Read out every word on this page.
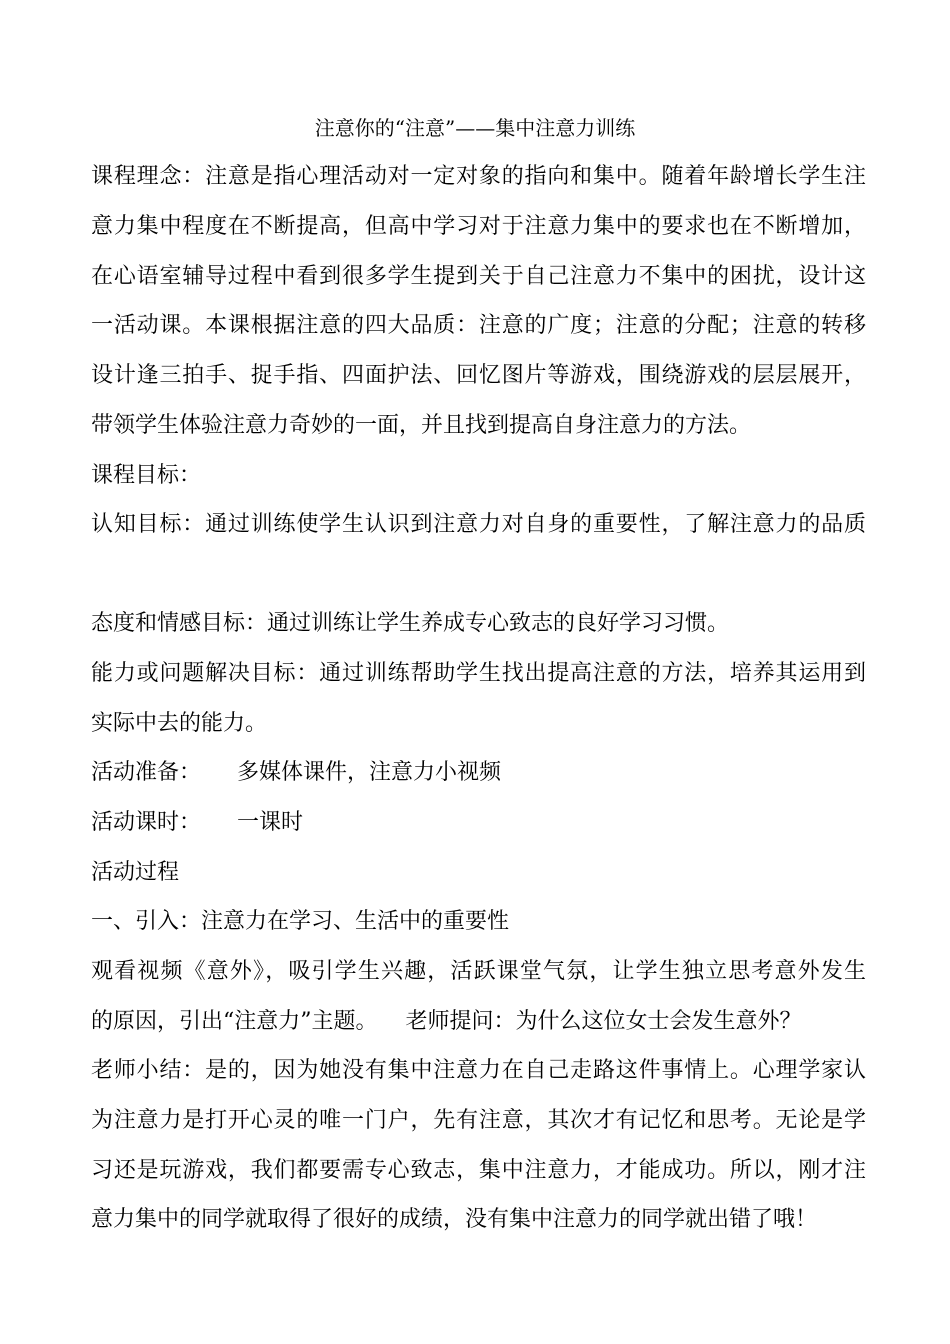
注意你的“注意”——集中注意力训练
课程理念：注意是指心理活动对一定对象的指向和集中。随着年龄增长学生注
意力集中程度在不断提高，但高中学习对于注意力集中的要求也在不断增加，
在心语室辅导过程中看到很多学生提到关于自己注意力不集中的困扰，设计这
一活动课。本课根据注意的四大品质：注意的广度；注意的分配；注意的转移
设计逢三拍手、捉手指、四面护法、回忆图片等游戏，围绕游戏的层层展开，
带领学生体验注意力奇妙的一面，并且找到提高自身注意力的方法。
课程目标：
认知目标：通过训练使学生认识到注意力对自身的重要性，了解注意力的品质
态度和情感目标：通过训练让学生养成专心致志的良好学习习惯。
能力或问题解决目标：通过训练帮助学生找出提高注意的方法，培养其运用到
实际中去的能力。
活动准备： 多媒体课件，注意力小视频
活动课时： 一课时
活动过程
一、引入：注意力在学习、生活中的重要性
观看视频《意外》，吸引学生兴趣，活跃课堂气氛，让学生独立思考意外发生
的原因，引出“注意力”主题。 老师提问：为什么这位女士会发生意外？
老师小结：是的，因为她没有集中注意力在自己走路这件事情上。心理学家认
为注意力是打开心灵的唯一门户，先有注意，其次才有记忆和思考。无论是学
习还是玩游戏，我们都要需专心致志，集中注意力，才能成功。所以，刚才注
意力集中的同学就取得了很好的成绩，没有集中注意力的同学就出错了哦！
